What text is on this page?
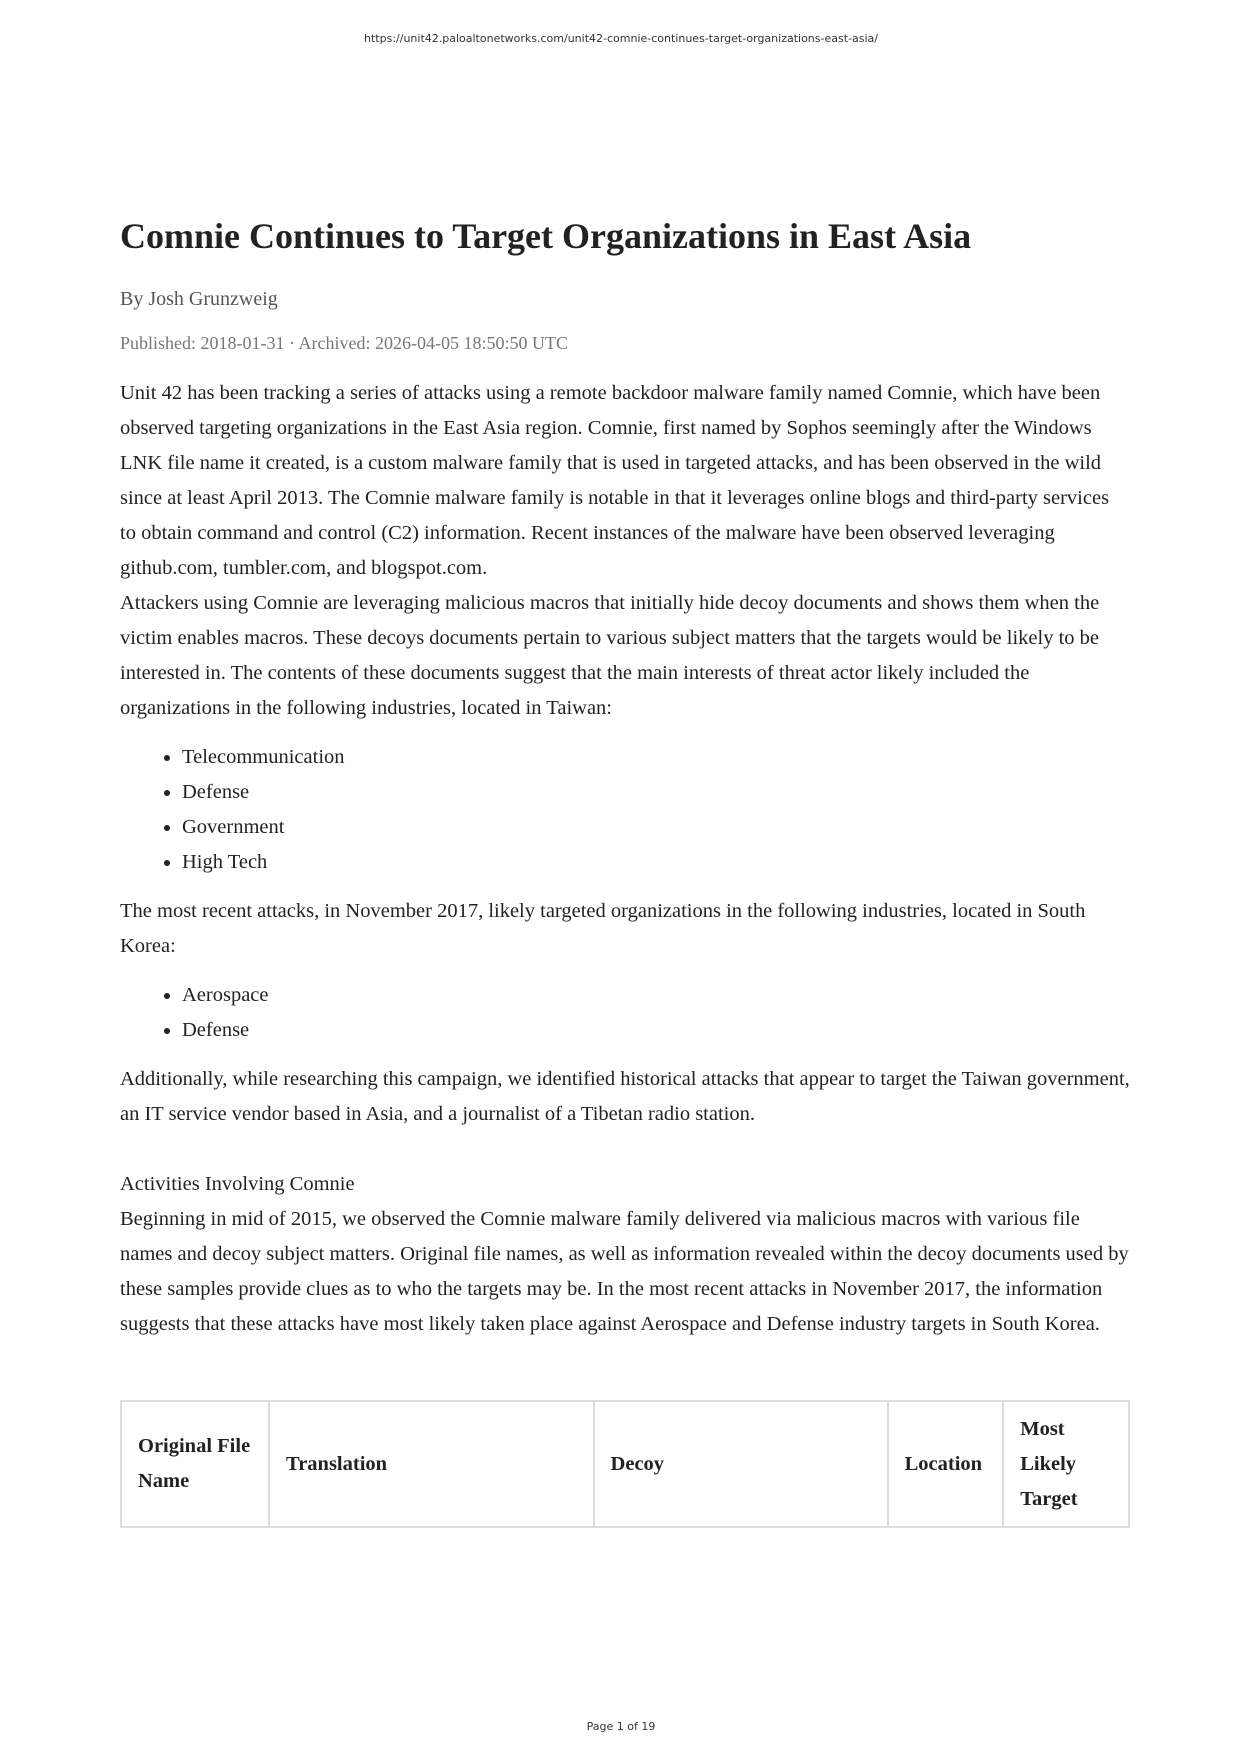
https://unit42.paloaltonetworks.com/unit42-comnie-continues-target-organizations-east-asia/
Comnie Continues to Target Organizations in East Asia
By Josh Grunzweig
Published: 2018-01-31 · Archived: 2026-04-05 18:50:50 UTC

Unit 42 has been tracking a series of attacks using a remote backdoor malware family named Comnie, which have been observed targeting organizations in the East Asia region. Comnie, first named by Sophos seemingly after the Windows LNK file name it created, is a custom malware family that is used in targeted attacks, and has been observed in the wild since at least April 2013. The Comnie malware family is notable in that it leverages online blogs and third-party services to obtain command and control (C2) information. Recent instances of the malware have been observed leveraging github.com, tumbler.com, and blogspot.com.

Attackers using Comnie are leveraging malicious macros that initially hide decoy documents and shows them when the victim enables macros. These decoys documents pertain to various subject matters that the targets would be likely to be interested in. The contents of these documents suggest that the main interests of threat actor likely included the organizations in the following industries, located in Taiwan:

• Telecommunication
• Defense
• Government
• High Tech

The most recent attacks, in November 2017, likely targeted organizations in the following industries, located in South Korea:

• Aerospace
• Defense

Additionally, while researching this campaign, we identified historical attacks that appear to target the Taiwan government, an IT service vendor based in Asia, and a journalist of a Tibetan radio station.

Activities Involving Comnie

Beginning in mid of 2015, we observed the Comnie malware family delivered via malicious macros with various file names and decoy subject matters. Original file names, as well as information revealed within the decoy documents used by these samples provide clues as to who the targets may be. In the most recent attacks in November 2017, the information suggests that these attacks have most likely taken place against Aerospace and Defense industry targets in South Korea.

Original File Name	Translation	Decoy	Location	Most Likely Target
Page 1 of 19
